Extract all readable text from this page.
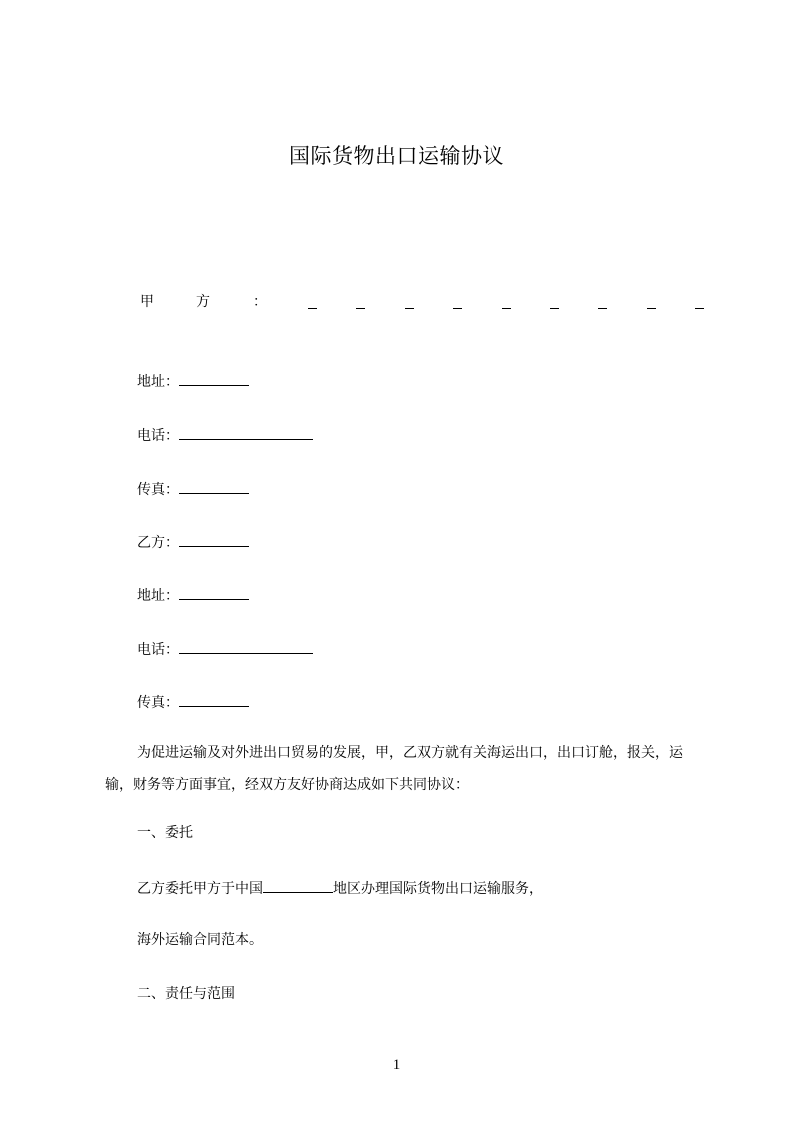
国际货物出口运输协议
甲	方	：
地址：
电话：
传真：
乙方：
地址：
电话：
传真：
为促进运输及对外进出口贸易的发展，甲，乙双方就有关海运出口，出口订舱，报关，运输，财务等方面事宜，经双方友好协商达成如下共同协议：
一、委托
乙方委托甲方于中国	地区办理国际货物出口运输服务，
海外运输合同范本。
二、责任与范围
1
